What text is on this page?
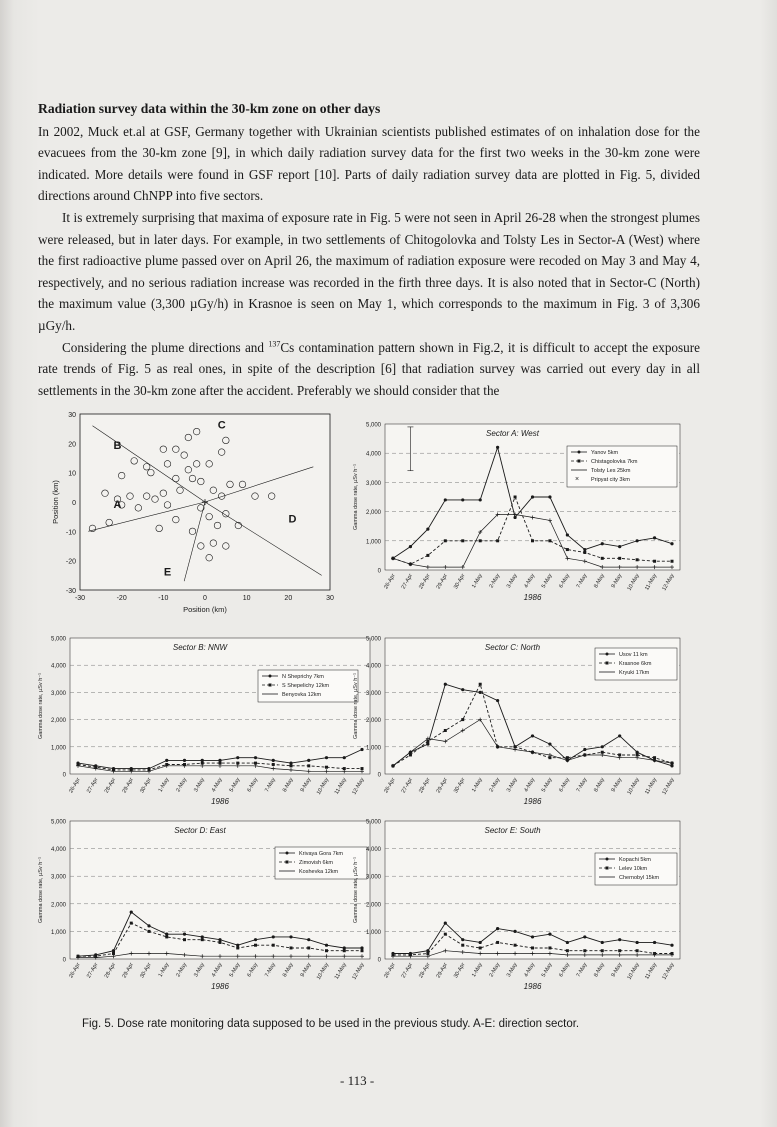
Radiation survey data within the 30-km zone on other days

In 2002, Muck et.al at GSF, Germany together with Ukrainian scientists published estimates of on inhalation dose for the evacuees from the 30-km zone [9], in which daily radiation survey data for the first two weeks in the 30-km zone were indicated. More details were found in GSF report [10]. Parts of daily radiation survey data are plotted in Fig. 5, divided directions around ChNPP into five sectors.

It is extremely surprising that maxima of exposure rate in Fig. 5 were not seen in April 26-28 when the strongest plumes were released, but in later days. For example, in two settlements of Chitogolovka and Tolsty Les in Sector-A (West) where the first radioactive plume passed over on April 26, the maximum of radiation exposure were recoded on May 3 and May 4, respectively, and no serious radiation increase was recorded in the firth three days. It is also noted that in Sector-C (North) the maximum value (3,300 µGy/h) in Krasnoe is seen on May 1, which corresponds to the maximum in Fig. 3 of 3,306 µGy/h.

Considering the plume directions and $^{137}$Cs contamination pattern shown in Fig.2, it is difficult to accept the exposure rate trends of Fig. 5 as real ones, in spite of the description [6] that radiation survey was carried out every day in all settlements in the 30-km zone after the accident. Preferably we should consider that the

30
20
10
0
-10
-20
-30
-30	-20	-10	0	10	20	30
Position (km)
Position (km)	+
A
B
C
D
E	0
1,000
2,000
3,000
4,000
5,000
Gamma dose rate, µSv h⁻¹
26-Apr 27-Apr 28-Apr 29-Apr 30-Apr 1-May 2-May 3-May 4-May 5-May 6-May 7-May 8-May 9-May 10-May 11-May 12-May
1986
Sector A: West
Yanov 5km
Chistagolovka 7km
Tolsty Les 25km
× Pripyat city 3km
0
1,000
2,000
3,000
4,000
5,000
Gamma dose rate, µSv h⁻¹
26-Apr 27-Apr 28-Apr 29-Apr 30-Apr 1-May 2-May 3-May 4-May 5-May 6-May 7-May 8-May 9-May 10-May 11-May 12-May
1986
Sector B: NNW
N Sheprichy 7km
S Shepelichy 12km
Benyovka 12km
0
1,000
2,000
3,000
4,000
5,000
Gamma dose rate, µSv h⁻¹
26-Apr 27-Apr 28-Apr 29-Apr 30-Apr 1-May 2-May 3-May 4-May 5-May 6-May 7-May 8-May 9-May 10-May 11-May 12-May
1986
Sector C: North
Usov 11 km
Krasnoe 6km
Kryuki 17km
0
1,000
2,000
3,000
4,000
5,000
Gamma dose rate, µSv h⁻¹
26-Apr 27-Apr 28-Apr 29-Apr 30-Apr 1-May 2-May 3-May 4-May 5-May 6-May 7-May 8-May 9-May 10-May 11-May 12-May
1986
Sector D: East
Krivaya Gora 7km
Zimovish 6km
Koshevka 12km
0
1,000
2,000
3,000
4,000
5,000
Gamma dose rate, µSv h⁻¹
26-Apr 27-Apr 28-Apr 29-Apr 30-Apr 1-May 2-May 3-May 4-May 5-May 6-May 7-May 8-May 9-May 10-May 11-May 12-May
1986
Sector E: South
Kopachi 5km
Lelev 10km
Chernobyl 15km
Fig. 5. Dose rate monitoring data supposed to be used in the previous study. A-E: direction sector.
- 113 -
